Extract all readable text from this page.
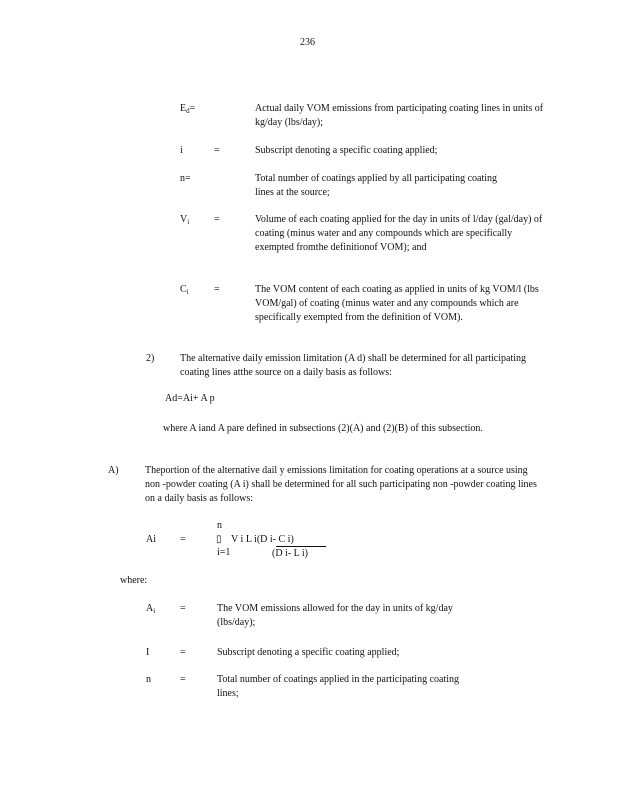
236
$E_d=$	Actual daily VOM emissions from participating coating lines in units of kg/day (lbs/day);
i	=	Subscript denoting a specific coating applied;
n=	Total number of coatings applied by all participating coating lines at the source;
$V_i$ =	Volume of each coating applied for the day in units of l/day (gal/day) of coating (minus water and any compounds which are specifically exempted fromthe definitionof VOM); and
$C_i$	=	The VOM content of each coating as applied in units of kg VOM/l (lbs VOM/gal) of coating (minus water and any compounds which are specifically exempted from the definition of VOM).
2)	The alternative daily emission limitation (A d) shall be determined for all participating coating lines atthe source on a daily basis as follows:
Ad=Ai+ A p
where A iand A pare defined in subsections (2)(A) and (2)(B) of this subsection.
A)	Theportion of the alternative dail y emissions limitation for coating operations at a source using non -powder coating (A i) shall be determined for all such participating non -powder coating lines on a daily basis as follows:
Ai =
n
▯ V i L i(D i- C i)
i=1	(D i- L i)
where:
$A_i$ =	The VOM emissions allowed for the day in units of kg/day (lbs/day);
I	=	Subscript denoting a specific coating applied;
n	=	Total number of coatings applied in the participating coating lines;
